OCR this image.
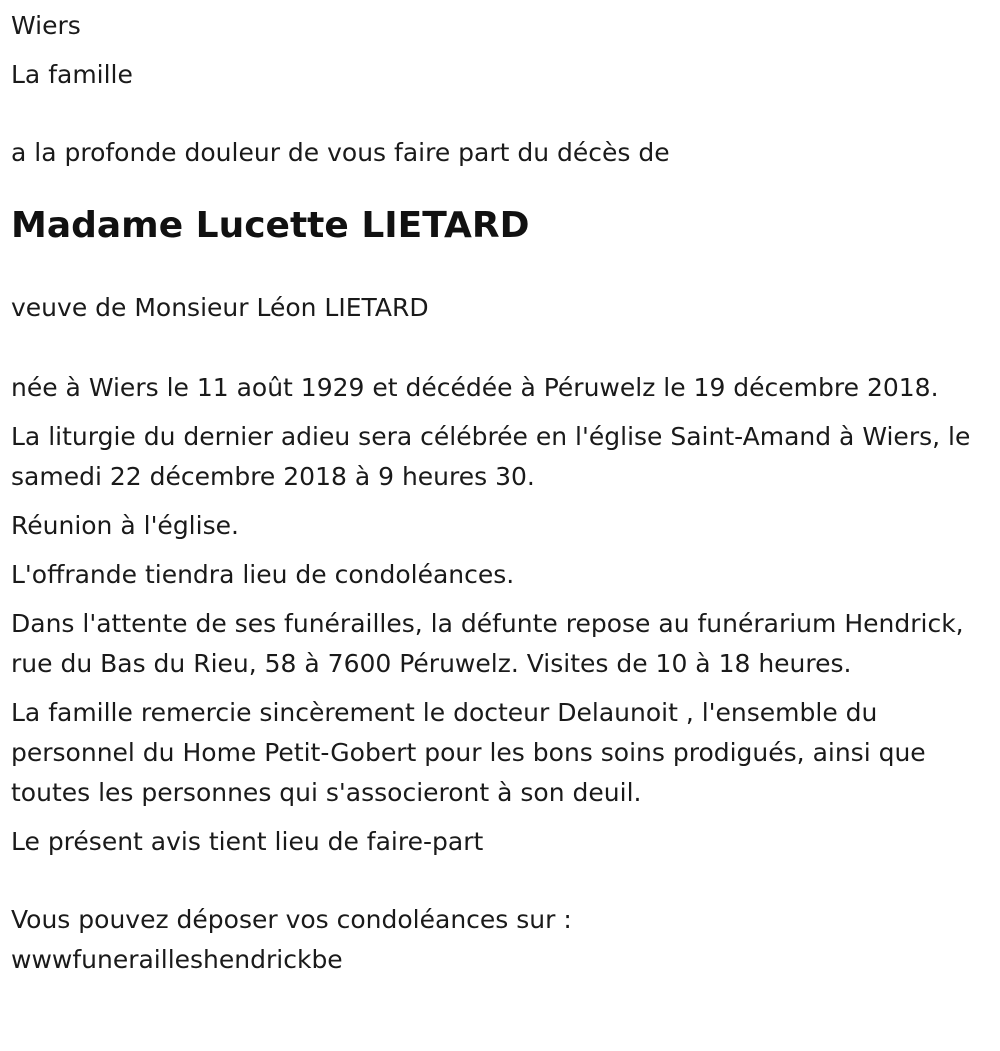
Wiers

La famille

a la profonde douleur de vous faire part du décès de

Madame Lucette LIETARD

veuve de Monsieur Léon LIETARD

née à Wiers le 11 août 1929 et décédée à Péruwelz le 19 décembre 2018.

La liturgie du dernier adieu sera célébrée en l'église Saint-Amand à Wiers, le samedi 22 décembre 2018 à 9 heures 30.

Réunion à l'église.

L'offrande tiendra lieu de condoléances.

Dans l'attente de ses funérailles, la défunte repose au funérarium Hendrick, rue du Bas du Rieu, 58 à 7600 Péruwelz. Visites de 10 à 18 heures.

La famille remercie sincèrement le docteur Delaunoit , l'ensemble du personnel du Home Petit-Gobert pour les bons soins prodigués, ainsi que toutes les personnes qui s'associeront à son deuil.

Le présent avis tient lieu de faire-part

Vous pouvez déposer vos condoléances sur :

wwwfunerailleshendrickbe
